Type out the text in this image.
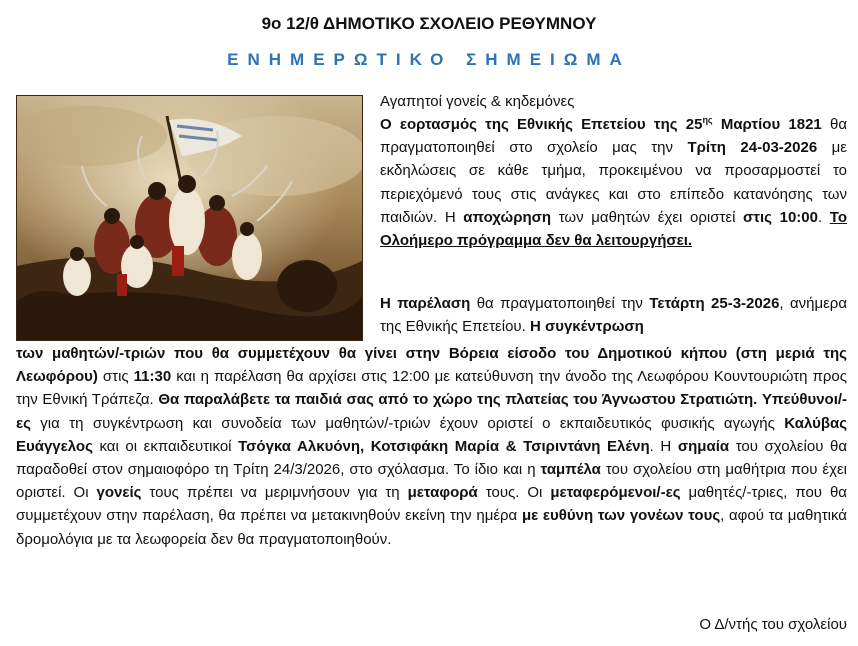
9ο 12/θ ΔΗΜΟΤΙΚΟ ΣΧΟΛΕΙΟ ΡΕΘΥΜΝΟΥ
ΕΝΗΜΕΡΩΤΙΚΟ ΣΗΜΕΙΩΜΑ

Αγαπητοί γονείς & κηδεμόνες

Ο εορτασμός της Εθνικής Επετείου της $25^{\eta\varsigma}$ Μαρτίου 1821 θα πραγματοποιηθεί στο σχολείο μας την Τρίτη 24-03-2026 με εκδηλώσεις σε κάθε τμήμα, προκειμένου να προσαρμοστεί το περιεχόμενό τους στις ανάγκες και στο επίπεδο κατανόησης των παιδιών. Η αποχώρηση των μαθητών έχει οριστεί στις 10:00. Το Ολοήμερο πρόγραμμα δεν θα λειτουργήσει.

Η παρέλαση θα πραγματοποιηθεί την Τετάρτη 25-3-2026, ανήμερα της Εθνικής Επετείου. Η συγκέντρωση

των μαθητών/-τριών που θα συμμετέχουν θα γίνει στην Βόρεια είσοδο του Δημοτικού κήπου (στη μεριά της Λεωφόρου) στις 11:30 και η παρέλαση θα αρχίσει στις 12:00 με κατεύθυνση την άνοδο της Λεωφόρου Κουντουριώτη προς την Εθνική Τράπεζα. Θα παραλάβετε τα παιδιά σας από το χώρο της πλατείας του Άγνωστου Στρατιώτη. Υπεύθυνοι/-ες για τη συγκέντρωση και συνοδεία των μαθητών/-τριών έχουν οριστεί ο εκπαιδευτικός φυσικής αγωγής Καλύβας Ευάγγελος και οι εκπαιδευτικοί Τσόγκα Αλκυόνη, Κοτσιφάκη Μαρία & Τσιριντάνη Ελένη. Η σημαία του σχολείου θα παραδοθεί στον σημαιοφόρο τη Τρίτη 24/3/2026, στο σχόλασμα. Το ίδιο και η ταμπέλα του σχολείου στη μαθήτρια που έχει οριστεί. Οι γονείς τους πρέπει να μεριμνήσουν για τη μεταφορά τους. Οι μεταφερόμενοι/-ες μαθητές/-τριες, που θα συμμετέχουν στην παρέλαση, θα πρέπει να μετακινηθούν εκείνη την ημέρα με ευθύνη των γονέων τους, αφού τα μαθητικά δρομολόγια με τα λεωφορεία δεν θα πραγματοποιηθούν.

Ο Δ/ντής του σχολείου
